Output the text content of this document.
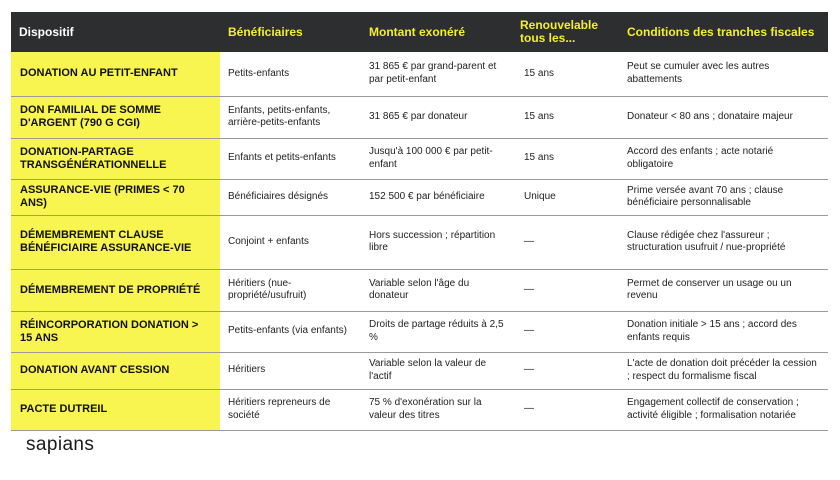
Dispositif	Bénéficiaires	Montant exonéré	Renouvelable tous les...	Conditions des tranches fiscales
DONATION AU PETIT-ENFANT	Petits-enfants	31 865 € par grand-parent et par petit-enfant	15 ans	Peut se cumuler avec les autres abattements
DON FAMILIAL DE SOMME D'ARGENT (790 G CGI)	Enfants, petits-enfants, arrière-petits-enfants	31 865 € par donateur	15 ans	Donateur < 80 ans ; donataire majeur
DONATION-PARTAGE TRANSGÉNÉRATIONNELLE	Enfants et petits-enfants	Jusqu'à 100 000 € par petit-enfant	15 ans	Accord des enfants ; acte notarié obligatoire
ASSURANCE-VIE (PRIMES < 70 ANS)	Bénéficiaires désignés	152 500 € par bénéficiaire	Unique	Prime versée avant 70 ans ; clause bénéficiaire personnalisable
DÉMEMBREMENT CLAUSE BÉNÉFICIAIRE ASSURANCE-VIE	Conjoint + enfants	Hors succession ; répartition libre	—	Clause rédigée chez l'assureur ; structuration usufruit / nue-propriété
DÉMEMBREMENT DE PROPRIÉTÉ	Héritiers (nue-propriété/usufruit)	Variable selon l'âge du donateur	—	Permet de conserver un usage ou un revenu
RÉINCORPORATION DONATION > 15 ANS	Petits-enfants (via enfants)	Droits de partage réduits à 2,5 %	—	Donation initiale > 15 ans ; accord des enfants requis
DONATION AVANT CESSION	Héritiers	Variable selon la valeur de l'actif	—	L'acte de donation doit précéder la cession ; respect du formalisme fiscal
PACTE DUTREIL	Héritiers repreneurs de société	75 % d'exonération sur la valeur des titres	—	Engagement collectif de conservation ; activité éligible ; formalisation notariée
sapians
